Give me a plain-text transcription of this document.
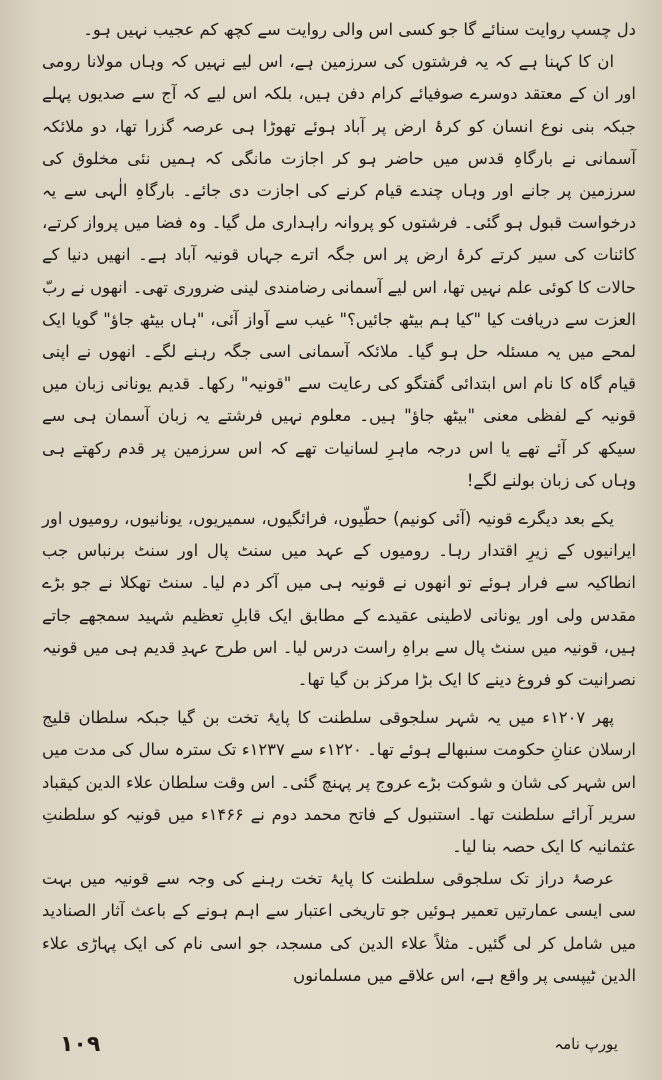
دل چسپ روایت سنائے گا جو کسی اس والی روایت سے کچھ کم عجیب نہیں ہو۔

ان کا کہنا ہے کہ یہ فرشتوں کی سرزمین ہے، اس لیے نہیں کہ وہاں مولانا رومی اور ان کے معتقد دوسرے صوفیائے کرام دفن ہیں، بلکہ اس لیے کہ آج سے صدیوں پہلے جبکہ بنی نوع انسان کو کرۂ ارض پر آباد ہوئے تھوڑا ہی عرصہ گزرا تھا، دو ملائکہ آسمانی نے بارگاہِ قدس میں حاضر ہو کر اجازت مانگی کہ ہمیں نئی مخلوق کی سرزمین پر جانے اور وہاں چندے قیام کرنے کی اجازت دی جائے۔ بارگاہِ الٰہی سے یہ درخواست قبول ہو گئی۔ فرشتوں کو پروانہ راہداری مل گیا۔ وہ فضا میں پرواز کرتے، کائنات کی سیر کرتے کرۂ ارض پر اس جگہ اترے جہاں قونیہ آباد ہے۔ انھیں دنیا کے حالات کا کوئی علم نہیں تھا، اس لیے آسمانی رضامندی لینی ضروری تھی۔ انھوں نے ربّ العزت سے دریافت کیا "کیا ہم بیٹھ جائیں؟" غیب سے آواز آئی، "ہاں بیٹھ جاؤ" گویا ایک لمحے میں یہ مسئلہ حل ہو گیا۔ ملائکہ آسمانی اسی جگہ رہنے لگے۔ انھوں نے اپنی قیام گاہ کا نام اس ابتدائی گفتگو کی رعایت سے "قونیہ" رکھا۔ قدیم یونانی زبان میں قونیہ کے لفظی معنی "بیٹھ جاؤ" ہیں۔ معلوم نہیں فرشتے یہ زبان آسمان ہی سے سیکھ کر آئے تھے یا اس درجہ ماہرِ لسانیات تھے کہ اس سرزمین پر قدم رکھتے ہی وہاں کی زبان بولنے لگے!

یکے بعد دیگرے قونیہ (آئی کونیم) حطّیوں، فرائگیوں، سمیریوں، یونانیوں، رومیوں اور ایرانیوں کے زیرِ اقتدار رہا۔ رومیوں کے عہد میں سنٹ پال اور سنٹ برنباس جب انطاکیہ سے فرار ہوئے تو انھوں نے قونیہ ہی میں آکر دم لیا۔ سنٹ تھکلا نے جو بڑے مقدس ولی اور یونانی لاطینی عقیدے کے مطابق ایک قابلِ تعظیم شہید سمجھے جاتے ہیں، قونیہ میں سنٹ پال سے براہِ راست درس لیا۔ اس طرح عہدِ قدیم ہی میں قونیہ نصرانیت کو فروغ دینے کا ایک بڑا مرکز بن گیا تھا۔

پھر ۱۲۰۷ء میں یہ شہر سلجوقی سلطنت کا پایۂ تخت بن گیا جبکہ سلطان قلیج ارسلان عنانِ حکومت سنبھالے ہوئے تھا۔ ۱۲۲۰ء سے ۱۲۳۷ء تک سترہ سال کی مدت میں اس شہر کی شان و شوکت بڑے عروج پر پہنچ گئی۔ اس وقت سلطان علاء الدین کیقباد سریر آرائے سلطنت تھا۔ استنبول کے فاتح محمد دوم نے ۱۴۶۶ء میں قونیہ کو سلطنتِ عثمانیہ کا ایک حصہ بنا لیا۔

عرصۂ دراز تک سلجوقی سلطنت کا پایۂ تخت رہنے کی وجہ سے قونیہ میں بہت سی ایسی عمارتیں تعمیر ہوئیں جو تاریخی اعتبار سے اہم ہونے کے باعث آثار الصنادید میں شامل کر لی گئیں۔ مثلاً علاء الدین کی مسجد، جو اسی نام کی ایک پہاڑی علاء الدین ٹیپسی پر واقع ہے، اس علاقے میں مسلمانوں

۱۰۹	یورپ نامہ
